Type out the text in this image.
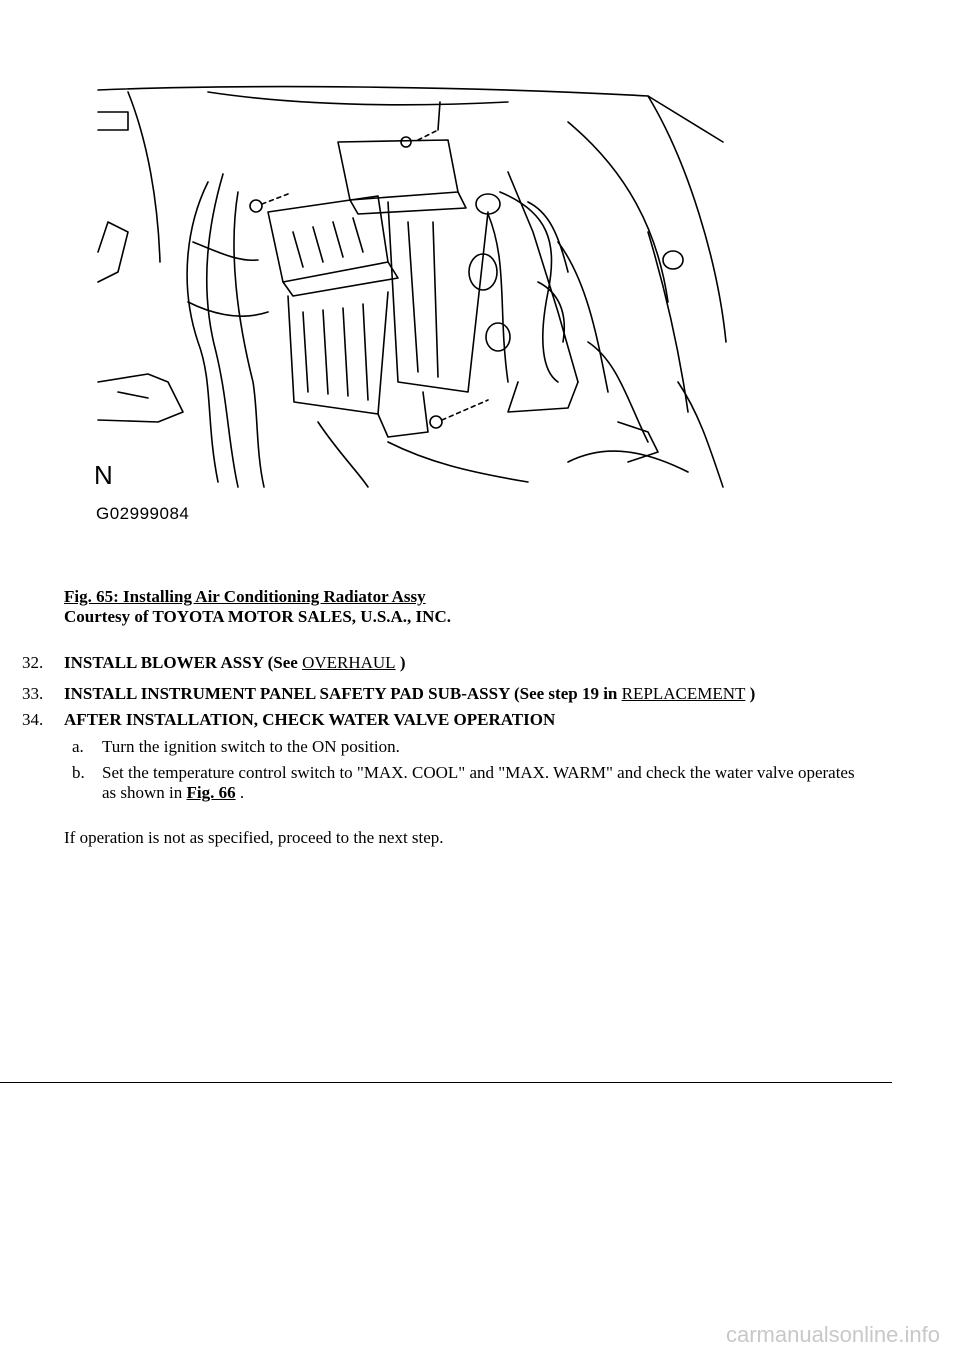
N
G02999084
Fig. 65: Installing Air Conditioning Radiator Assy
Courtesy of TOYOTA MOTOR SALES, U.S.A., INC.
32. INSTALL BLOWER ASSY (See OVERHAUL )
33. INSTALL INSTRUMENT PANEL SAFETY PAD SUB-ASSY (See step 19 in REPLACEMENT )
34. AFTER INSTALLATION, CHECK WATER VALVE OPERATION
a. Turn the ignition switch to the ON position.
b. Set the temperature control switch to "MAX. COOL" and "MAX. WARM" and check the water valve operates as shown in Fig. 66 .
If operation is not as specified, proceed to the next step.
carmanualsonline.info
